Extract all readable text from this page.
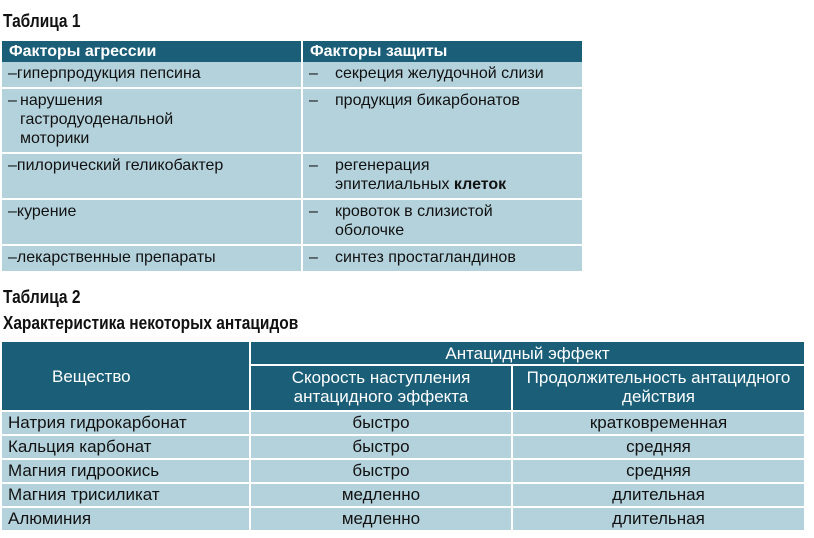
Таблица 1
Факторы агрессии	Факторы защиты

–гиперпродукция пепсина	– секреция желудочной слизи

– нарушения гастродуоденальной моторики	– продукция бикарбонатов

–пилорический геликобактер	– регенерация эпителиальных клеток

–курение	– кровоток в слизистой оболочке

–лекарственные препараты	– синтез простагландинов
Таблица 2
Характеристика некоторых антацидов
Вещество	Антацидный эффект	
	Скорость наступления антацидного эффекта	Продолжительность антацидного действия
Натрия гидрокарбонат	быстро	кратковременная
Кальция карбонат	быстро	средняя
Магния гидроокись	быстро	средняя
Магния трисиликат	медленно	длительная
Алюминия	медленно	длительная
